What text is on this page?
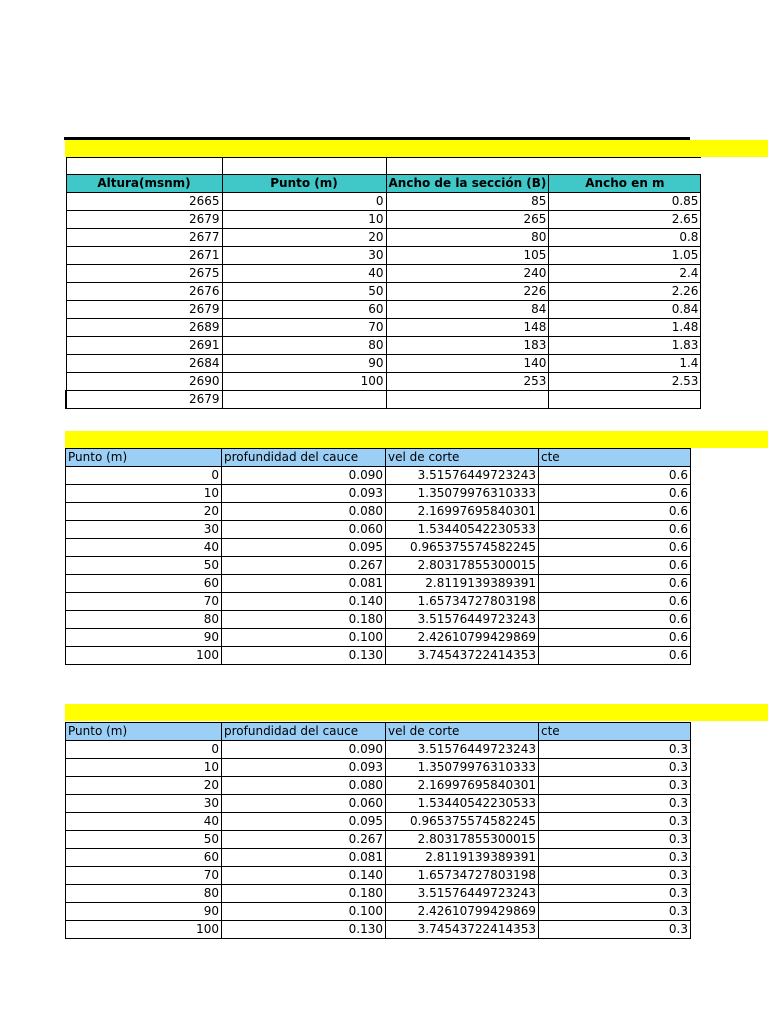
Altura(msnm)	Punto (m)	Ancho de la sección (B)	Ancho en m
2665	0	85	0.85
2679	10	265	2.65
2677	20	80	0.8
2671	30	105	1.05
2675	40	240	2.4
2676	50	226	2.26
2679	60	84	0.84
2689	70	148	1.48
2691	80	183	1.83
2684	90	140	1.4
2690	100	253	2.53
2679			
Punto (m)	profundidad del cauce	vel de corte	cte
0	0.090	3.51576449723243	0.6
10	0.093	1.35079976310333	0.6
20	0.080	2.16997695840301	0.6
30	0.060	1.53440542230533	0.6
40	0.095	0.965375574582245	0.6
50	0.267	2.80317855300015	0.6
60	0.081	2.8119139389391	0.6
70	0.140	1.65734727803198	0.6
80	0.180	3.51576449723243	0.6
90	0.100	2.42610799429869	0.6
100	0.130	3.74543722414353	0.6
Punto (m)	profundidad del cauce	vel de corte	cte
0	0.090	3.51576449723243	0.3
10	0.093	1.35079976310333	0.3
20	0.080	2.16997695840301	0.3
30	0.060	1.53440542230533	0.3
40	0.095	0.965375574582245	0.3
50	0.267	2.80317855300015	0.3
60	0.081	2.8119139389391	0.3
70	0.140	1.65734727803198	0.3
80	0.180	3.51576449723243	0.3
90	0.100	2.42610799429869	0.3
100	0.130	3.74543722414353	0.3
